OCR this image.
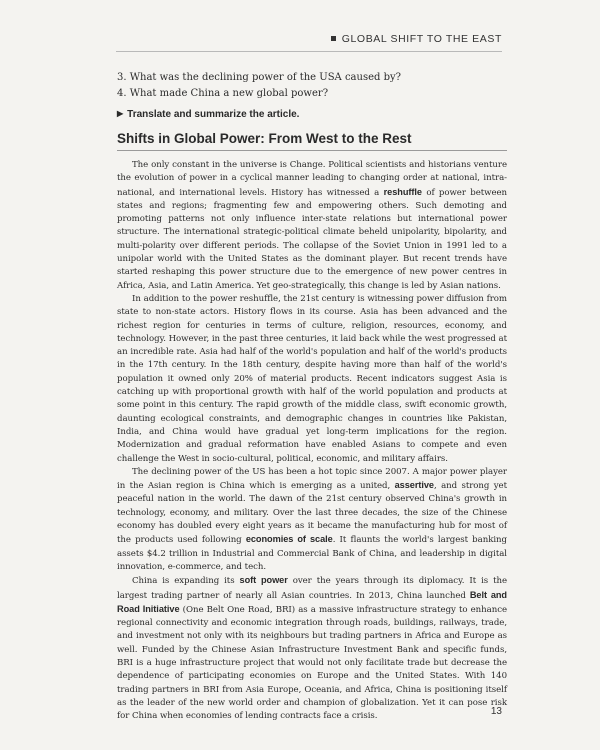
GLOBAL SHIFT TO THE EAST
3. What was the declining power of the USA caused by?
4. What made China a new global power?
▶ Translate and summarize the article.
Shifts in Global Power: From West to the Rest

The only constant in the universe is Change. Political scientists and historians venture the evolution of power in a cyclical manner leading to changing order at national, intra-national, and international levels. History has witnessed a reshuffle of power between states and regions; fragmenting few and empowering others. Such demoting and promoting patterns not only influence inter-state relations but international power structure. The international strategic-political climate beheld unipolarity, bipolarity, and multi-polarity over different periods. The collapse of the Soviet Union in 1991 led to a unipolar world with the United States as the dominant player. But recent trends have started reshaping this power structure due to the emergence of new power centres in Africa, Asia, and Latin America. Yet geo-strategically, this change is led by Asian nations.

In addition to the power reshuffle, the 21st century is witnessing power diffusion from state to non-state actors. History flows in its course. Asia has been advanced and the richest region for centuries in terms of culture, religion, resources, economy, and technology. However, in the past three centuries, it laid back while the west progressed at an incredible rate. Asia had half of the world's population and half of the world's products in the 17th century. In the 18th century, despite having more than half of the world's population it owned only 20% of material products. Recent indicators suggest Asia is catching up with proportional growth with half of the world population and products at some point in this century. The rapid growth of the middle class, swift economic growth, daunting ecological constraints, and demographic changes in countries like Pakistan, India, and China would have gradual yet long-term implications for the region. Modernization and gradual reformation have enabled Asians to compete and even challenge the West in socio-cultural, political, economic, and military affairs.

The declining power of the US has been a hot topic since 2007. A major power player in the Asian region is China which is emerging as a united, assertive, and strong yet peaceful nation in the world. The dawn of the 21st century observed China's growth in technology, economy, and military. Over the last three decades, the size of the Chinese economy has doubled every eight years as it became the manufacturing hub for most of the products used following economies of scale. It flaunts the world's largest banking assets $4.2 trillion in Industrial and Commercial Bank of China, and leadership in digital innovation, e-commerce, and tech.

China is expanding its soft power over the years through its diplomacy. It is the largest trading partner of nearly all Asian countries. In 2013, China launched Belt and Road Initiative (One Belt One Road, BRI) as a massive infrastructure strategy to enhance regional connectivity and economic integration through roads, buildings, railways, trade, and investment not only with its neighbours but trading partners in Africa and Europe as well. Funded by the Chinese Asian Infrastructure Investment Bank and specific funds, BRI is a huge infrastructure project that would not only facilitate trade but decrease the dependence of participating economies on Europe and the United States. With 140 trading partners in BRI from Asia Europe, Oceania, and Africa, China is positioning itself as the leader of the new world order and champion of globalization. Yet it can pose risk for China when economies of lending contracts face a crisis.	13
